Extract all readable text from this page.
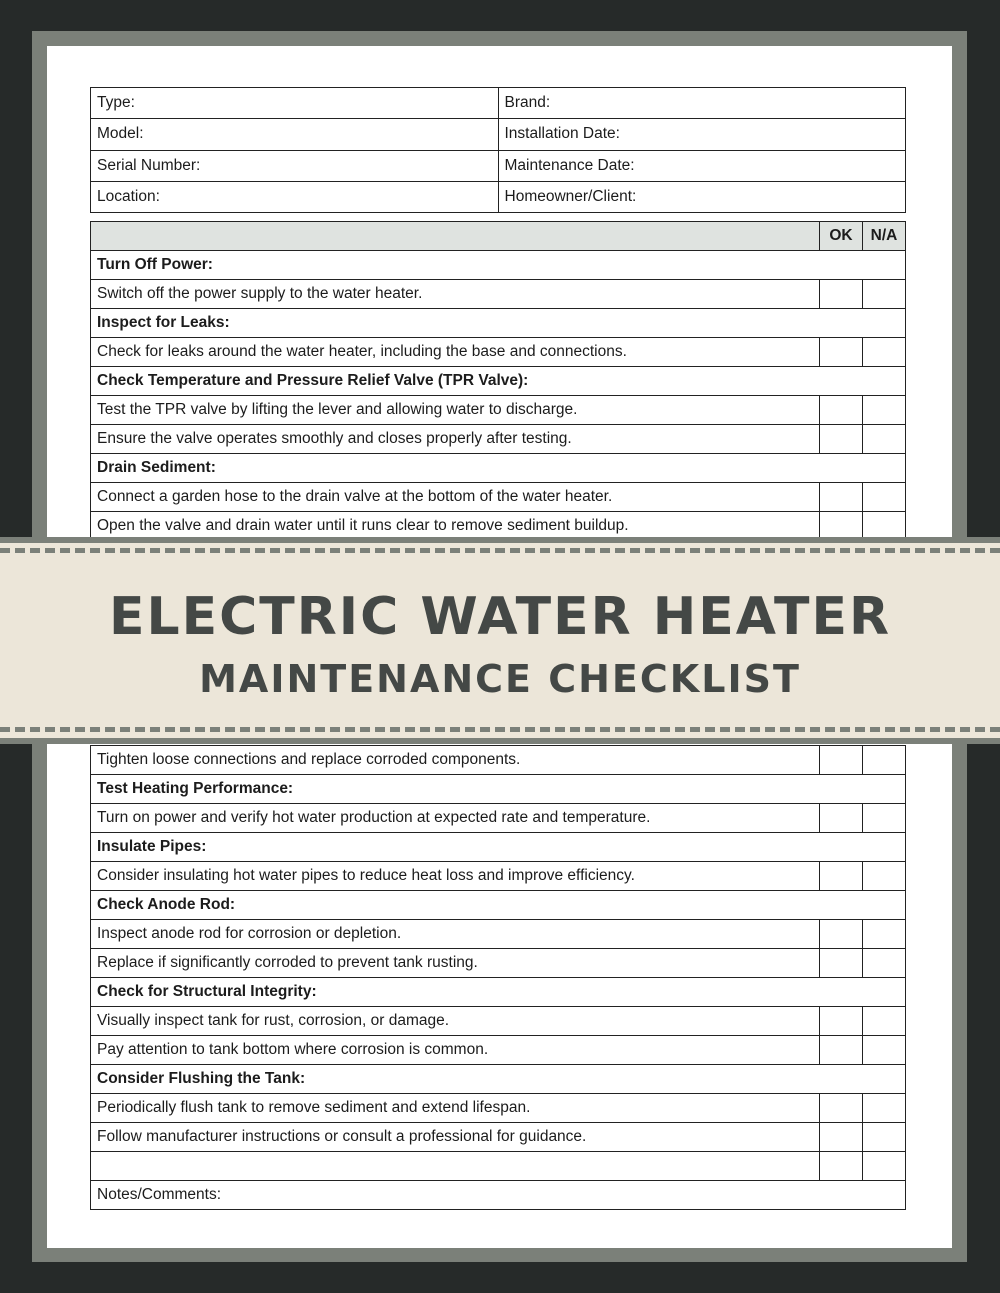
Type:	Brand:
Model:	Installation Date:
Serial Number:	Maintenance Date:
Location:	Homeowner/Client:
	OK	N/A
Turn Off Power:		
Switch off the power supply to the water heater.		
Inspect for Leaks:		
Check for leaks around the water heater, including the base and connections.		
Check Temperature and Pressure Relief Valve (TPR Valve):		
Test the TPR valve by lifting the lever and allowing water to discharge.		
Ensure the valve operates smoothly and closes properly after testing.		
Drain Sediment:		
Connect a garden hose to the drain valve at the bottom of the water heater.		
Open the valve and drain water until it runs clear to remove sediment buildup.		
Tighten loose connections and replace corroded components.		
Test Heating Performance:		
Turn on power and verify hot water production at expected rate and temperature.		
Insulate Pipes:		
Consider insulating hot water pipes to reduce heat loss and improve efficiency.		
Check Anode Rod:		
Inspect anode rod for corrosion or depletion.		
Replace if significantly corroded to prevent tank rusting.		
Check for Structural Integrity:		
Visually inspect tank for rust, corrosion, or damage.		
Pay attention to tank bottom where corrosion is common.		
Consider Flushing the Tank:		
Periodically flush tank to remove sediment and extend lifespan.		
Follow manufacturer instructions or consult a professional for guidance.		

Notes/Comments:		
ELECTRIC WATER HEATER
MAINTENANCE CHECKLIST
